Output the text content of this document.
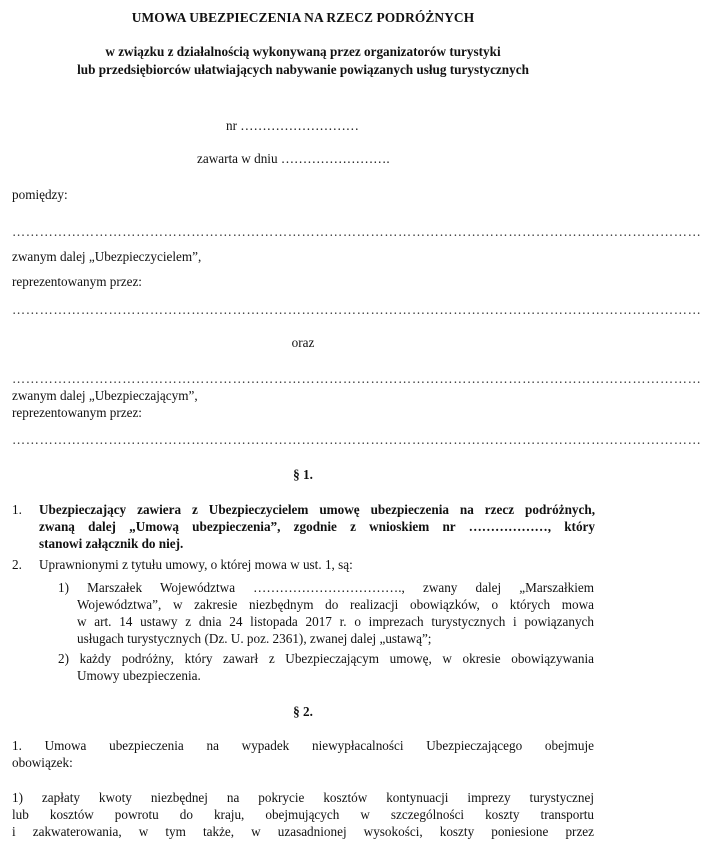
UMOWA UBEZPIECZENIA NA RZECZ PODRÓŻNYCH
w związku z działalnością wykonywaną przez organizatorów turystyki
lub przedsiębiorców ułatwiających nabywanie powiązanych usług turystycznych
nr ………………………
zawarta w dniu …………………….
pomiędzy:
……………………………………………………………………………………………………………………………………
zwanym dalej „Ubezpieczycielem”,
reprezentowanym przez:
……………………………………………………………………………………………………………………………………
oraz
……………………………………………………………………………………………………………………………………
zwanym dalej „Ubezpieczającym”,
reprezentowanym przez:
……………………………………………………………………………………………………………………………………
§ 1.
1. Ubezpieczający zawiera z Ubezpieczycielem umowę ubezpieczenia na rzecz podróżnych,
zwaną dalej „Umową ubezpieczenia”, zgodnie z wnioskiem nr ………………, który
stanowi załącznik do niej.
2. Uprawnionymi z tytułu umowy, o której mowa w ust. 1, są:
1) Marszałek Województwa ……………………………., zwany dalej „Marszałkiem
Województwa”, w zakresie niezbędnym do realizacji obowiązków, o których mowa
w art. 14 ustawy z dnia 24 listopada 2017 r. o imprezach turystycznych i powiązanych
usługach turystycznych (Dz. U. poz. 2361), zwanej dalej „ustawą”;
2) każdy podróżny, który zawarł z Ubezpieczającym umowę, w okresie obowiązywania
Umowy ubezpieczenia.
§ 2.
1. Umowa ubezpieczenia na wypadek niewypłacalności Ubezpieczającego obejmuje
obowiązek:
1) zapłaty kwoty niezbędnej na pokrycie kosztów kontynuacji imprezy turystycznej
lub kosztów powrotu do kraju, obejmujących w szczególności koszty transportu
i zakwaterowania, w tym także, w uzasadnionej wysokości, koszty poniesione przez
